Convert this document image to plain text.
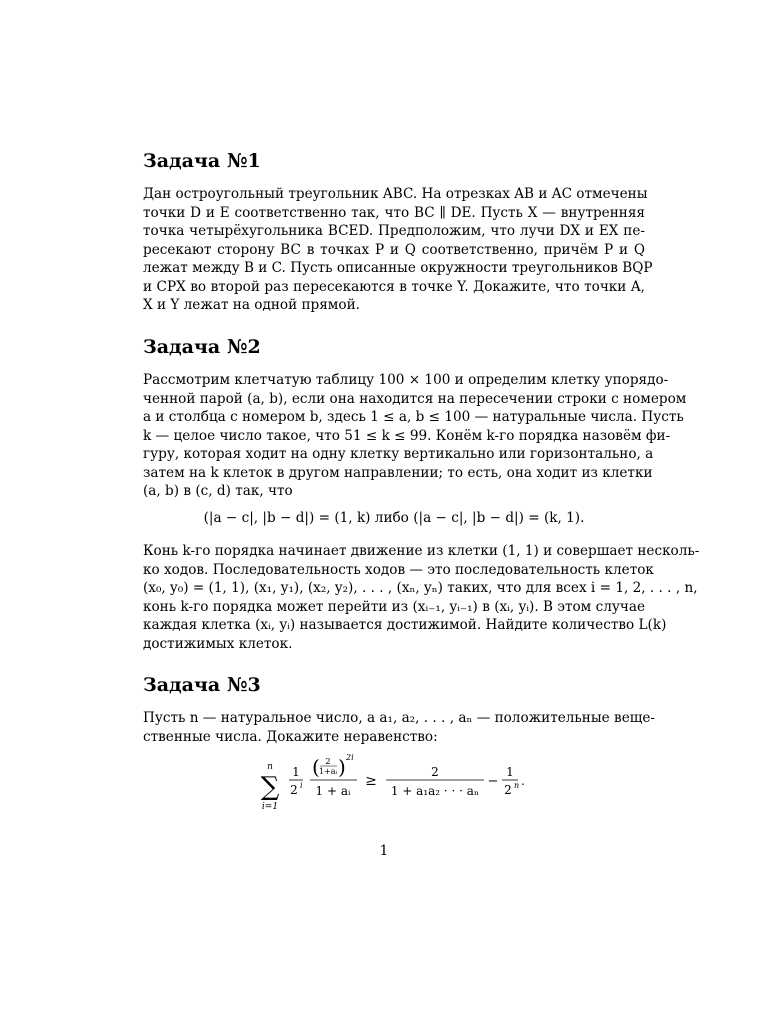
Задача №1
Дан остроугольный треугольник ABC. На отрезках AB и AC отмечены
точки D и E соответственно так, что BC ∥ DE. Пусть X — внутренняя
точка четырёхугольника BCED. Предположим, что лучи DX и EX пе-
ресекают сторону BC в точках P и Q соответственно, причём P и Q
лежат между B и C. Пусть описанные окружности треугольников BQP
и CPX во второй раз пересекаются в точке Y. Докажите, что точки A,
X и Y лежат на одной прямой.
Задача №2
Рассмотрим клетчатую таблицу 100 × 100 и определим клетку упорядо-
ченной парой (a, b), если она находится на пересечении строки с номером
a и столбца с номером b, здесь 1 ≤ a, b ≤ 100 — натуральные числа. Пусть
k — целое число такое, что 51 ≤ k ≤ 99. Конём k-го порядка назовём фи-
гуру, которая ходит на одну клетку вертикально или горизонтально, а
затем на k клеток в другом направлении; то есть, она ходит из клетки
(a, b) в (c, d) так, что
(|a − c|, |b − d|) = (1, k) либо (|a − c|, |b − d|) = (k, 1).
Конь k-го порядка начинает движение из клетки (1, 1) и совершает несколь-
ко ходов. Последовательность ходов — это последовательность клеток
(x₀, y₀) = (1, 1), (x₁, y₁), (x₂, y₂), . . . , (xₙ, yₙ) таких, что для всех i = 1, 2, . . . , n,
конь k-го порядка может перейти из (xᵢ₋₁, yᵢ₋₁) в (xᵢ, yᵢ). В этом случае
каждая клетка (xᵢ, yᵢ) называется достижимой. Найдите количество L(k)
достижимых клеток.
Задача №3
Пусть n — натуральное число, а a₁, a₂, . . . , aₙ — положительные веще-
ственные числа. Докажите неравенство:
n
∑
i=1
1
2 i
( 2
1+aᵢ ) 2i
1 + aᵢ
≥
2
1 + a₁a₂ · · · aₙ
−
1
2 n .
1
